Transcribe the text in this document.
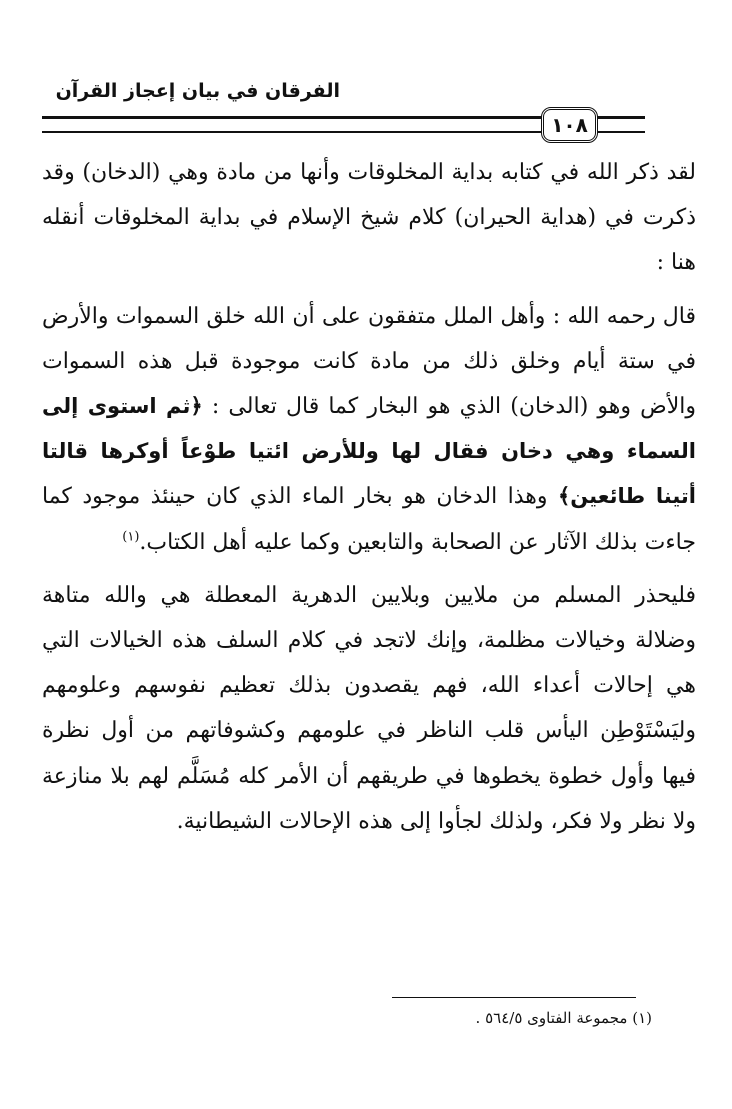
الفرقان في بيان إعجاز القرآن
١٠٨

لقد ذكر الله في كتابه بداية المخلوقات وأنها من مادة وهي (الدخان) وقد ذكرت في (هداية الحيران) كلام شيخ الإسلام في بداية المخلوقات أنقله هنا :

قال رحمه الله : وأهل الملل متفقون على أن الله خلق السموات والأرض في ستة أيام وخلق ذلك من مادة كانت موجودة قبل هذه السموات والأض وهو (الدخان) الذي هو البخار كما قال تعالى : ﴿ثم استوى إلى السماء وهي دخان فقال لها وللأرض ائتيا طوْعاً أوكرها قالتا أتينا طائعين﴾ وهذا الدخان هو بخار الماء الذي كان حينئذ موجود كما جاءت بذلك الآثار عن الصحابة والتابعين وكما عليه أهل الكتاب.$^{(١)}$

فليحذر المسلم من ملايين وبلايين الدهرية المعطلة هي والله متاهة وضلالة وخيالات مظلمة، وإنك لاتجد في كلام السلف هذه الخيالات التي هي إحالات أعداء الله، فهم يقصدون بذلك تعظيم نفوسهم وعلومهم وليَسْتَوْطِن اليأس قلب الناظر في علومهم وكشوفاتهم من أول نظرة فيها وأول خطوة يخطوها في طريقهم أن الأمر كله مُسَلَّم لهم بلا منازعة ولا نظر ولا فكر، ولذلك لجأوا إلى هذه الإحالات الشيطانية.

(١) مجموعة الفتاوى ٥٦٤/٥ .
